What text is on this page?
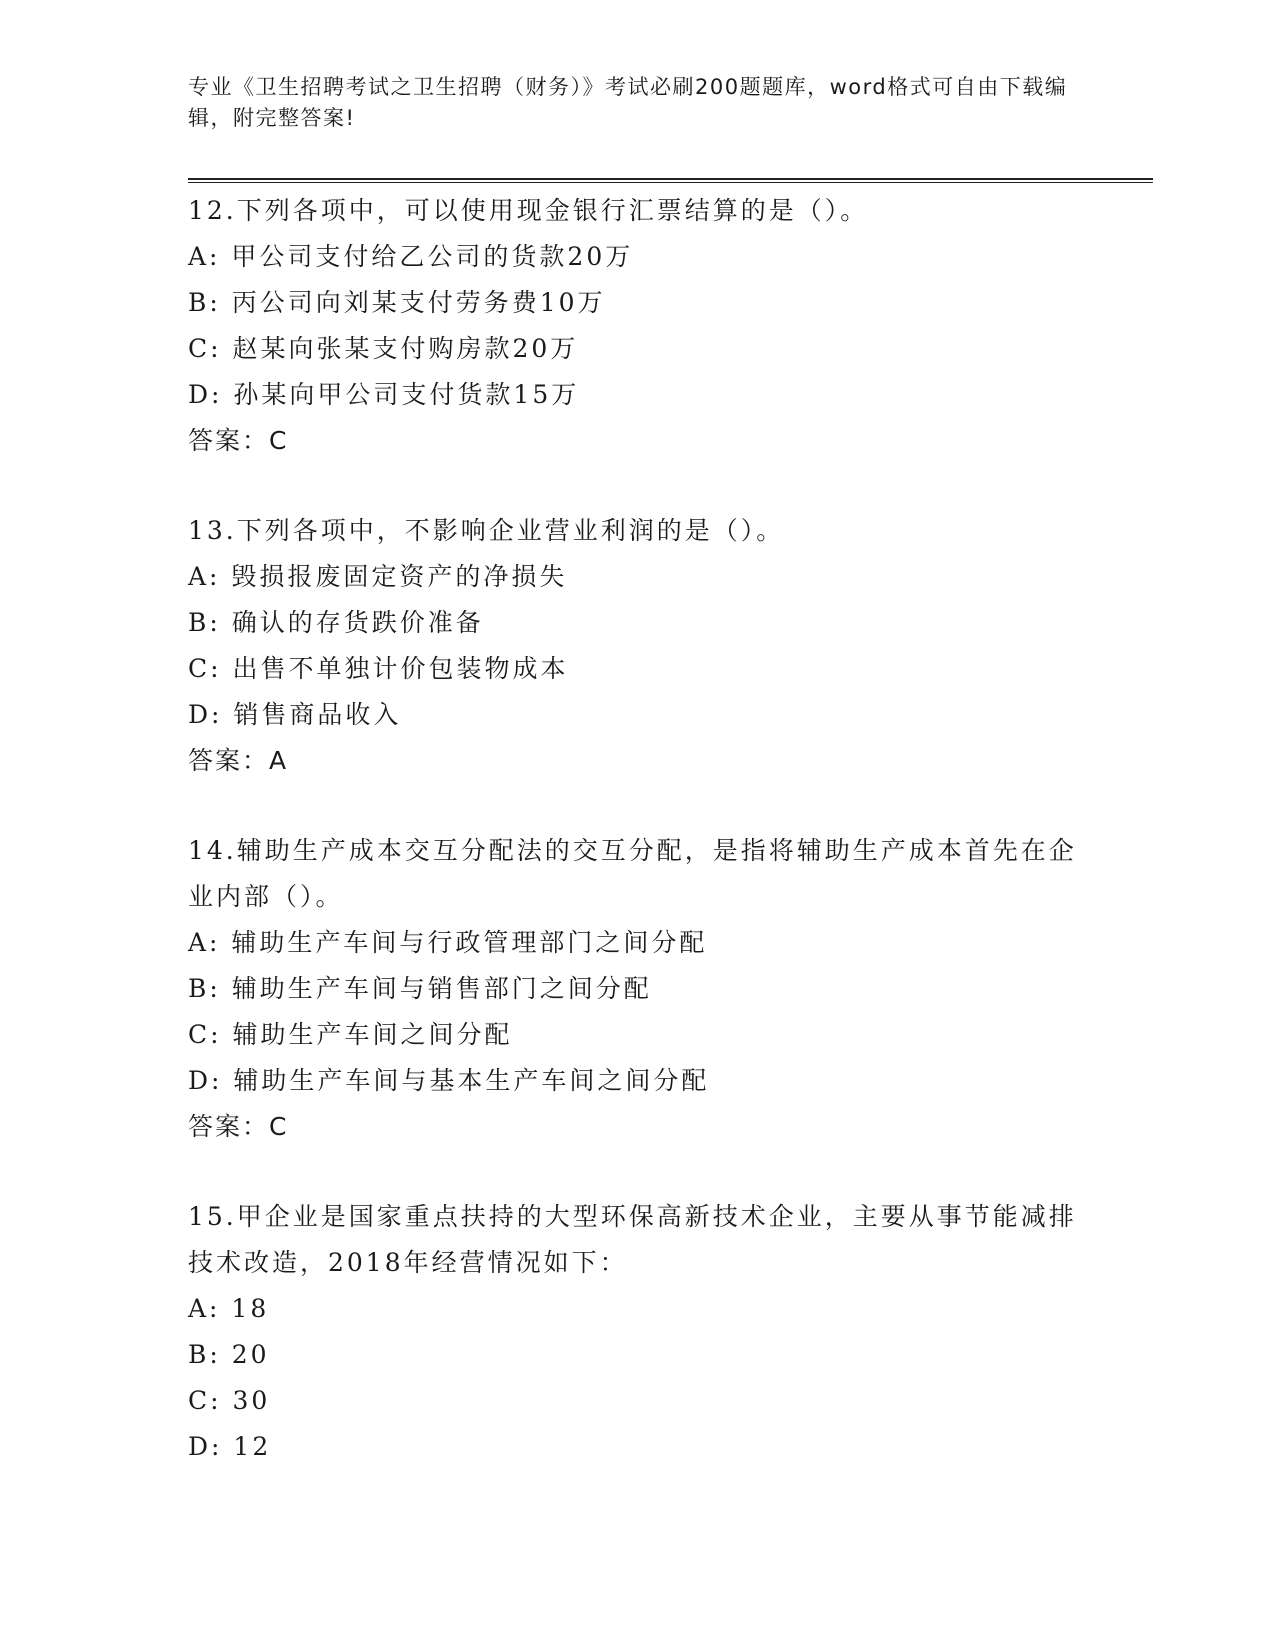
专业《卫生招聘考试之卫生招聘（财务）》考试必刷200题题库，word格式可自由下载编辑，附完整答案!
12.下列各项中，可以使用现金银行汇票结算的是（）。
A: 甲公司支付给乙公司的货款20万
B: 丙公司向刘某支付劳务费10万
C: 赵某向张某支付购房款20万
D: 孙某向甲公司支付货款15万
答案：C
13.下列各项中，不影响企业营业利润的是（）。
A: 毁损报废固定资产的净损失
B: 确认的存货跌价准备
C: 出售不单独计价包装物成本
D: 销售商品收入
答案：A
14.辅助生产成本交互分配法的交互分配，是指将辅助生产成本首先在企业内部（）。
A: 辅助生产车间与行政管理部门之间分配
B: 辅助生产车间与销售部门之间分配
C: 辅助生产车间之间分配
D: 辅助生产车间与基本生产车间之间分配
答案：C
15.甲企业是国家重点扶持的大型环保高新技术企业，主要从事节能减排技术改造，2018年经营情况如下：
A: 18
B: 20
C: 30
D: 12
